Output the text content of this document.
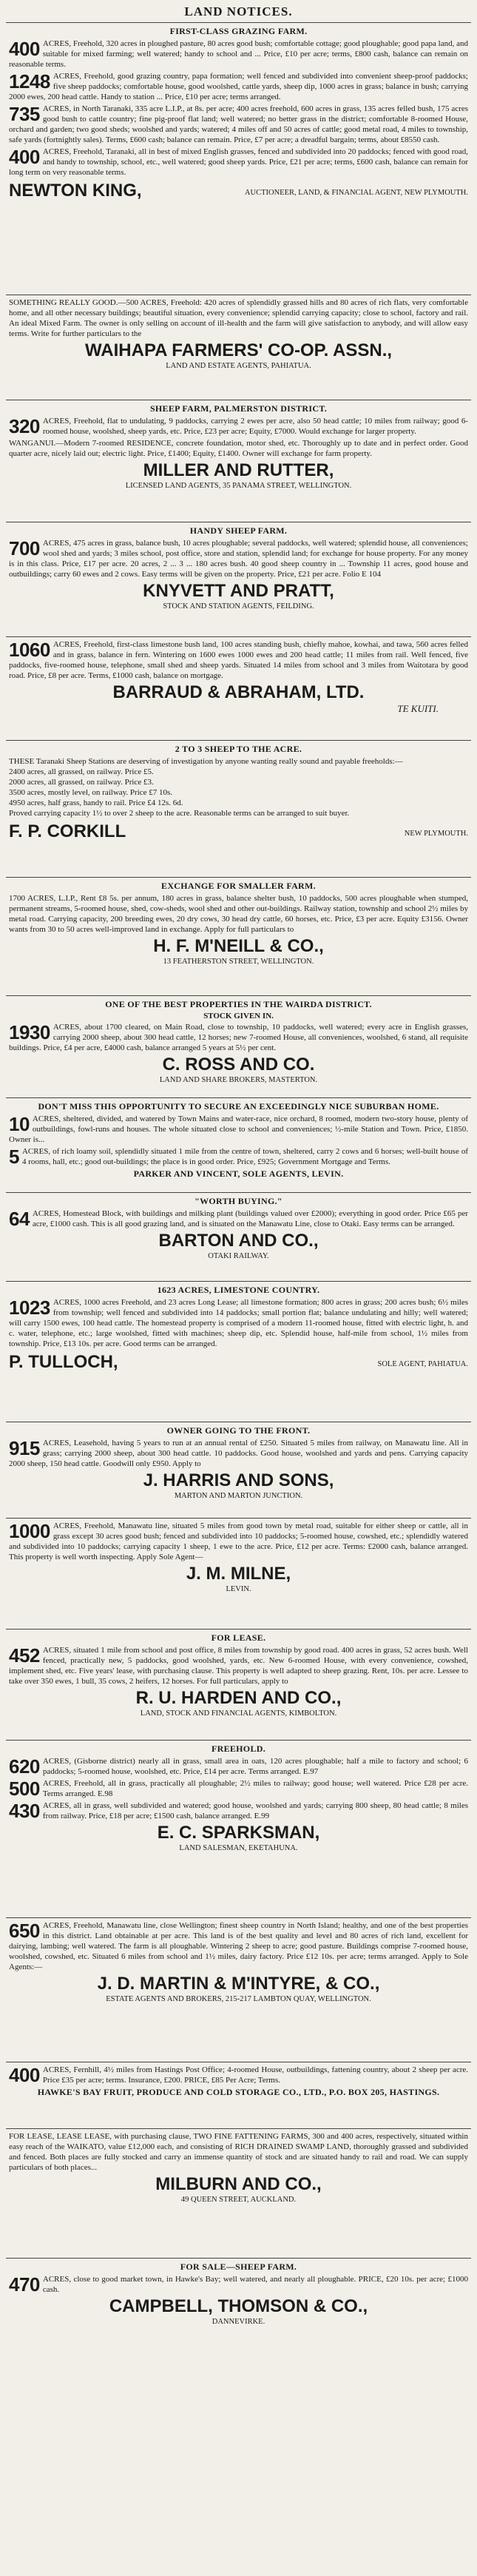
LAND NOTICES.
FIRST-CLASS GRAZING FARM.
400 ACRES, Freehold, 320 acres in ploughed pasture, 80 acres good bush; comfortable cottage; good ploughable; good papa land, and suitable for mixed farming; well watered; handy to school and ... Price, £10 per acre; terms, £800 cash, balance can remain on reasonable terms.
1248 ACRES, Freehold, good grazing country, papa formation; well fenced and subdivided into convenient sheep-proof paddocks; five sheep paddocks; comfortable house, good woolshed, cattle yards, sheep dip, 1000 acres in grass; balance in bush; carrying 2000 ewes, 200 head cattle. Handy to station ... Price, £10 per acre; terms arranged.
735 ACRES, in North Taranaki, 335 acre L.I.P., at 8s. per acre; 400 acres freehold, 600 acres in grass, 135 acres felled bush, 175 acres good bush to cattle country; fine pig-proof flat land; well watered; no better grass in the district; comfortable 8-roomed House, orchard and garden; two good sheds; woolshed and yards; watered; 4 miles off and 50 acres of cattle; good metal road, 4 miles to township, safe yards (fortnightly sales). Terms, £600 cash; balance can remain. Price, £7 per acre; a dreadful bargain; terms, about £8550 cash.
400 ACRES, Freehold, Taranaki, all in best of mixed English grasses, fenced and subdivided into 20 paddocks; fenced with good road, and handy to township, school, etc., well watered; good sheep yards. Price, £21 per acre; terms, £600 cash, balance can remain for long term on very reasonable terms.
NEWTON KING,	AUCTIONEER, LAND, & FINANCIAL AGENT, NEW PLYMOUTH.
SOMETHING REALLY GOOD.—500 ACRES, Freehold: 420 acres of splendidly grassed hills and 80 acres of rich flats, very comfortable home, and all other necessary buildings; beautiful situation, every convenience; splendid carrying capacity; close to school, factory and rail. An ideal Mixed Farm. The owner is only selling on account of ill-health and the farm will give satisfaction to anybody, and will allow easy terms. Write for further particulars to the
WAIHAPA FARMERS' CO-OP. ASSN.,
LAND AND ESTATE AGENTS, PAHIATUA.
SHEEP FARM, PALMERSTON DISTRICT.
320 ACRES, Freehold, flat to undulating, 9 paddocks, carrying 2 ewes per acre, also 50 head cattle; 10 miles from railway; good 6-roomed house, woolshed, sheep yards, etc. Price, £23 per acre; Equity, £7000. Would exchange for larger property.
WANGANUI.—Modern 7-roomed RESIDENCE, concrete foundation, motor shed, etc. Thoroughly up to date and in perfect order. Good quarter acre, nicely laid out; electric light. Price, £1400; Equity, £1400. Owner will exchange for farm property.
MILLER AND RUTTER,
LICENSED LAND AGENTS, 35 PANAMA STREET, WELLINGTON.
HANDY SHEEP FARM.
700 ACRES, 475 acres in grass, balance bush, 10 acres ploughable; several paddocks, well watered; splendid house, all conveniences; wool shed and yards; 3 miles school, post office, store and station, splendid land; for exchange for house property. For any money is in this class. Price, £17 per acre. 20 acres, 2 ... 3 ... 180 acres bush. 40 good sheep country in ... Township 11 acres, good house and outbuildings; carry 60 ewes and 2 cows. Easy terms will be given on the property. Price, £21 per acre. Folio E 104
KNYVETT AND PRATT,
STOCK AND STATION AGENTS, FEILDING.
1060 ACRES, Freehold, first-class limestone bush land, 100 acres standing bush, chiefly mahoe, kowhai, and tawa, 560 acres felled and in grass, balance in fern. Wintering on 1600 ewes 1000 ewes and 200 head cattle; 11 miles from rail. Well fenced, five paddocks, five-roomed house, telephone, small shed and sheep yards. Situated 14 miles from school and 3 miles from Waitotara by good road. Price, £8 per acre. Terms, £1000 cash, balance on mortgage.
BARRAUD & ABRAHAM, LTD.
TE KUITI.
2 TO 3 SHEEP TO THE ACRE.
THESE Taranaki Sheep Stations are deserving of investigation by anyone wanting really sound and payable freeholds:—
2400 acres, all grassed, on railway. Price £5.
2000 acres, all grassed, on railway. Price £3.
3500 acres, mostly level, on railway. Price £7 10s.
4950 acres, half grass, handy to rail. Price £4 12s. 6d.
Proved carrying capacity 1½ to over 2 sheep to the acre. Reasonable terms can be arranged to suit buyer.
F. P. CORKILL	NEW PLYMOUTH.
EXCHANGE FOR SMALLER FARM.
1700 ACRES, L.I.P., Rent £8 5s. per annum, 180 acres in grass, balance shelter bush, 10 paddocks, 500 acres ploughable when stumped, permanent streams, 5-roomed house, shed, cow-sheds, wool shed and other out-buildings. Railway station, township and school 2½ miles by metal road. Carrying capacity, 200 breeding ewes, 20 dry cows, 30 head dry cattle, 60 horses, etc. Price, £3 per acre. Equity £3156. Owner wants from 30 to 50 acres well-improved land in exchange. Apply for full particulars to
H. F. M'NEILL & CO.,
13 FEATHERSTON STREET, WELLINGTON.
ONE OF THE BEST PROPERTIES IN THE WAIRDA DISTRICT.
STOCK GIVEN IN.
1930 ACRES, about 1700 cleared, on Main Road, close to township, 10 paddocks, well watered; every acre in English grasses, carrying 2000 sheep, about 300 head cattle, 12 horses; new 7-roomed House, all conveniences, woolshed, 6 stand, all requisite buildings. Price, £4 per acre, £4000 cash, balance arranged 5 years at 5½ per cent.
C. ROSS AND CO.
LAND AND SHARE BROKERS, MASTERTON.
DON'T MISS THIS OPPORTUNITY TO SECURE AN EXCEEDINGLY NICE SUBURBAN HOME.
10 ACRES, sheltered, divided, and watered by Town Mains and water-race, nice orchard, 8 roomed, modern two-story house, plenty of outbuildings, fowl-runs and houses. The whole situated close to school and conveniences; ½-mile Station and Town. Price, £1850. Owner is...
5 ACRES, of rich loamy soil, splendidly situated 1 mile from the centre of town, sheltered, carry 2 cows and 6 horses; well-built house of 4 rooms, hall, etc.; good out-buildings; the place is in good order. Price, £925; Government Mortgage and Terms.
PARKER AND VINCENT, SOLE AGENTS, LEVIN.
"WORTH BUYING."
64 ACRES, Homestead Block, with buildings and milking plant (buildings valued over £2000); everything in good order. Price £65 per acre, £1000 cash. This is all good grazing land, and is situated on the Manawatu Line, close to Otaki. Easy terms can be arranged.
BARTON AND CO.,
OTAKI RAILWAY.
1623 ACRES, LIMESTONE COUNTRY.
1023 ACRES, 1000 acres Freehold, and 23 acres Long Lease; all limestone formation; 800 acres in grass; 200 acres bush; 6½ miles from township; well fenced and subdivided into 14 paddocks; small portion flat; balance undulating and hilly; well watered; will carry 1500 ewes, 100 head cattle. The homestead property is comprised of a modern 11-roomed house, fitted with electric light, h. and c. water, telephone, etc.; large woolshed, fitted with machines; sheep dip, etc. Splendid house, half-mile from school, 1½ miles from township. Price, £13 10s. per acre. Good terms can be arranged.
P. TULLOCH,	SOLE AGENT, PAHIATUA.
OWNER GOING TO THE FRONT.
915 ACRES, Leasehold, having 5 years to run at an annual rental of £250. Situated 5 miles from railway, on Manawatu line. All in grass; carrying 2000 sheep, about 300 head cattle. 10 paddocks. Good house, woolshed and yards and pens. Carrying capacity 2000 sheep, 150 head cattle. Goodwill only £950. Apply to
J. HARRIS AND SONS,
MARTON AND MARTON JUNCTION.
1000 ACRES, Freehold, Manawatu line, situated 5 miles from good town by metal road, suitable for either sheep or cattle, all in grass except 30 acres good bush; fenced and subdivided into 10 paddocks; 5-roomed house, cowshed, etc.; splendidly watered and subdivided into 10 paddocks; carrying capacity 1 sheep, 1 ewe to the acre. Price, £12 per acre. Terms: £2000 cash, balance arranged. This property is well worth inspecting. Apply Sole Agent—
J. M. MILNE,
LEVIN.
FOR LEASE.
452 ACRES, situated 1 mile from school and post office, 8 miles from township by good road. 400 acres in grass, 52 acres bush. Well fenced, practically new, 5 paddocks, good woolshed, yards, etc. New 6-roomed House, with every convenience, cowshed, implement shed, etc. Five years' lease, with purchasing clause. This property is well adapted to sheep grazing. Rent, 10s. per acre. Lessee to take over 350 ewes, 1 bull, 35 cows, 2 heifers, 12 horses. For full particulars, apply to
R. U. HARDEN AND CO.,
LAND, STOCK AND FINANCIAL AGENTS, KIMBOLTON.
FREEHOLD.
620 ACRES, (Gisborne district) nearly all in grass, small area in oats, 120 acres ploughable; half a mile to factory and school; 6 paddocks; 5-roomed house, woolshed, etc. Price, £14 per acre. Terms arranged. E.97
500 ACRES, Freehold, all in grass, practically all ploughable; 2½ miles to railway; good house; well watered. Price £28 per acre. Terms arranged. E.98
430 ACRES, all in grass, well subdivided and watered; good house, woolshed and yards; carrying 800 sheep, 80 head cattle; 8 miles from railway. Price, £18 per acre; £1500 cash, balance arranged. E.99
E. C. SPARKSMAN,
LAND SALESMAN, EKETAHUNA.
650 ACRES, Freehold, Manawatu line, close Wellington; finest sheep country in North Island; healthy, and one of the best properties in this district. Land obtainable at per acre. This land is of the best quality and level and 80 acres of rich land, excellent for dairying, lambing; well watered. The farm is all ploughable. Wintering 2 sheep to acre; good pasture. Buildings comprise 7-roomed house, woolshed, cowshed, etc. Situated 6 miles from school and 1½ miles, dairy factory. Price £12 10s. per acre; terms arranged. Apply to Sole Agents:—
J. D. MARTIN & M'INTYRE, & CO.,
ESTATE AGENTS AND BROKERS, 215-217 LAMBTON QUAY, WELLINGTON.
400 ACRES, Fernhill, 4½ miles from Hastings Post Office; 4-roomed House, outbuildings, fattening country, about 2 sheep per acre. Price £35 per acre; terms. Insurance, £200. PRICE, £85 Per Acre; Terms.
HAWKE'S BAY FRUIT, PRODUCE AND COLD STORAGE CO., LTD., P.O. BOX 205, HASTINGS.
FOR LEASE, LEASE LEASE, with purchasing clause, TWO FINE FATTENING FARMS, 300 and 400 acres, respectively, situated within easy reach of the WAIKATO, value £12,000 each, and consisting of RICH DRAINED SWAMP LAND, thoroughly grassed and subdivided and fenced. Both places are fully stocked and carry an immense quantity of stock and are situated handy to rail and road. We can supply particulars of both places...
MILBURN AND CO.,
49 QUEEN STREET, AUCKLAND.
FOR SALE—SHEEP FARM.
470 ACRES, close to good market town, in Hawke's Bay; well watered, and nearly all ploughable. PRICE, £20 10s. per acre; £1000 cash.
CAMPBELL, THOMSON & CO.,
DANNEVIRKE.
